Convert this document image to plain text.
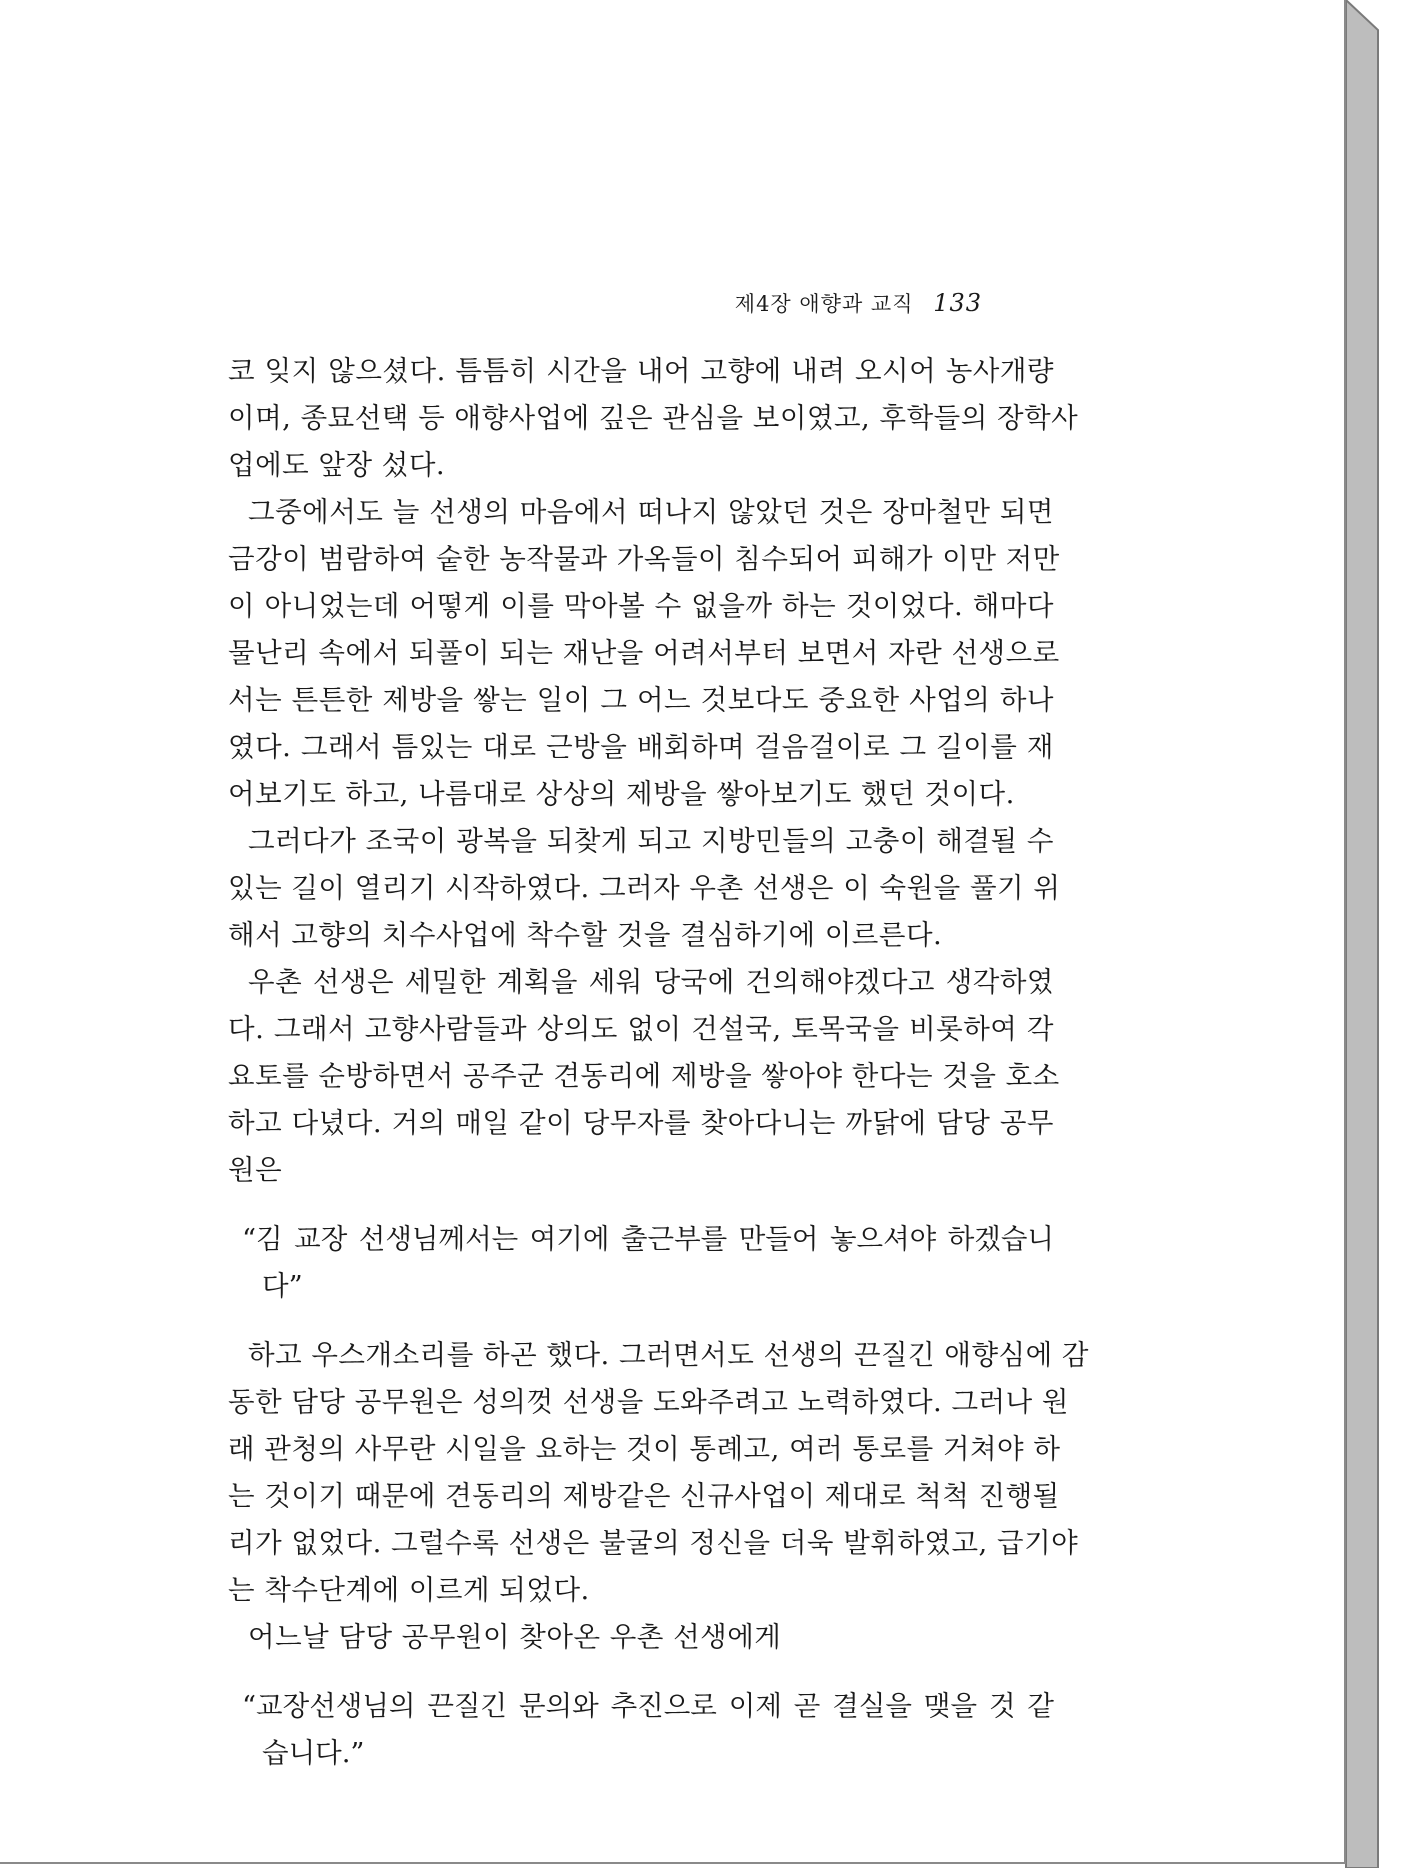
제4장 애향과 교직 133
코 잊지 않으셨다. 틈틈히 시간을 내어 고향에 내려 오시어 농사개량
이며, 종묘선택 등 애향사업에 깊은 관심을 보이였고, 후학들의 장학사
업에도 앞장 섰다.
그중에서도 늘 선생의 마음에서 떠나지 않았던 것은 장마철만 되면
금강이 범람하여 숱한 농작물과 가옥들이 침수되어 피해가 이만 저만
이 아니었는데 어떻게 이를 막아볼 수 없을까 하는 것이었다. 해마다
물난리 속에서 되풀이 되는 재난을 어려서부터 보면서 자란 선생으로
서는 튼튼한 제방을 쌓는 일이 그 어느 것보다도 중요한 사업의 하나
였다. 그래서 틈있는 대로 근방을 배회하며 걸음걸이로 그 길이를 재
어보기도 하고, 나름대로 상상의 제방을 쌓아보기도 했던 것이다.
그러다가 조국이 광복을 되찾게 되고 지방민들의 고충이 해결될 수
있는 길이 열리기 시작하였다. 그러자 우촌 선생은 이 숙원을 풀기 위
해서 고향의 치수사업에 착수할 것을 결심하기에 이르른다.
우촌 선생은 세밀한 계획을 세워 당국에 건의해야겠다고 생각하였
다. 그래서 고향사람들과 상의도 없이 건설국, 토목국을 비롯하여 각
요토를 순방하면서 공주군 견동리에 제방을 쌓아야 한다는 것을 호소
하고 다녔다. 거의 매일 같이 당무자를 찾아다니는 까닭에 담당 공무
원은
“김 교장 선생님께서는 여기에 출근부를 만들어 놓으셔야 하겠습니
다”
하고 우스개소리를 하곤 했다. 그러면서도 선생의 끈질긴 애향심에 감
동한 담당 공무원은 성의껏 선생을 도와주려고 노력하였다. 그러나 원
래 관청의 사무란 시일을 요하는 것이 통례고, 여러 통로를 거쳐야 하
는 것이기 때문에 견동리의 제방같은 신규사업이 제대로 척척 진행될
리가 없었다. 그럴수록 선생은 불굴의 정신을 더욱 발휘하였고, 급기야
는 착수단계에 이르게 되었다.
어느날 담당 공무원이 찾아온 우촌 선생에게
“교장선생님의 끈질긴 문의와 추진으로 이제 곧 결실을 맺을 것 같
습니다.”
